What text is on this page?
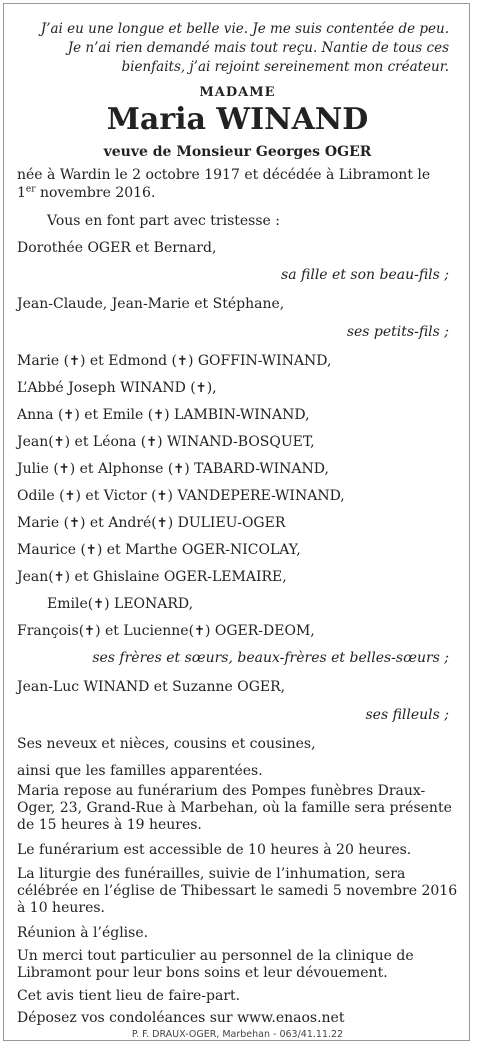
J’ai eu une longue et belle vie. Je me suis contentée de peu.
Je n’ai rien demandé mais tout reçu. Nantie de tous ces
bienfaits, j’ai rejoint sereinement mon créateur.
MADAME
Maria WINAND
veuve de Monsieur Georges OGER
née à Wardin le 2 octobre 1917 et décédée à Libramont le
1er novembre 2016.
Vous en font part avec tristesse :
Dorothée OGER et Bernard,
sa fille et son beau-fils ;
Jean-Claude, Jean-Marie et Stéphane,
ses petits-fils ;
Marie (✝) et Edmond (✝) GOFFIN-WINAND,
L’Abbé Joseph WINAND (✝),
Anna (✝) et Emile (✝) LAMBIN-WINAND,
Jean(✝) et Léona (✝) WINAND-BOSQUET,
Julie (✝) et Alphonse (✝) TABARD-WINAND,
Odile (✝) et Victor (✝) VANDEPERE-WINAND,
Marie (✝) et André(✝) DULIEU-OGER
Maurice (✝) et Marthe OGER-NICOLAY,
Jean(✝) et Ghislaine OGER-LEMAIRE,
Emile(✝) LEONARD,
François(✝) et Lucienne(✝) OGER-DEOM,
ses frères et sœurs, beaux-frères et belles-sœurs ;
Jean-Luc WINAND et Suzanne OGER,
ses filleuls ;
Ses neveux et nièces, cousins et cousines,
ainsi que les familles apparentées.
Maria repose au funérarium des Pompes funèbres Draux-Oger, 23, Grand-Rue à Marbehan, où la famille sera présente de 15 heures à 19 heures.
Le funérarium est accessible de 10 heures à 20 heures.
La liturgie des funérailles, suivie de l’inhumation, sera célébrée en l’église de Thibessart le samedi 5 novembre 2016 à 10 heures.
Réunion à l’église.
Un merci tout particulier au personnel de la clinique de Libramont pour leur bons soins et leur dévouement.
Cet avis tient lieu de faire-part.
Déposez vos condoléances sur www.enaos.net
P. F. DRAUX-OGER, Marbehan - 063/41.11.22
